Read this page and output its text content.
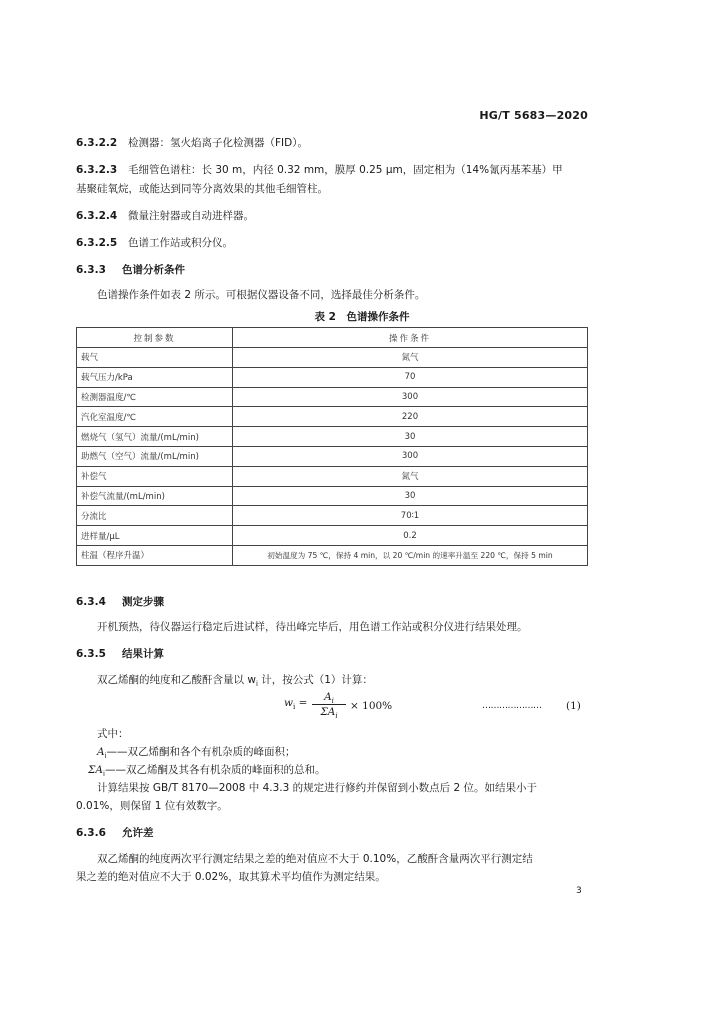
HG/T 5683—2020

6.3.2.2 检测器：氢火焰离子化检测器（FID）。

6.3.2.3 毛细管色谱柱：长 30 m，内径 0.32 mm，膜厚 0.25 μm，固定相为（14%氰丙基苯基）甲

基聚硅氧烷，或能达到同等分离效果的其他毛细管柱。

6.3.2.4 微量注射器或自动进样器。

6.3.2.5 色谱工作站或积分仪。

6.3.3 色谱分析条件

色谱操作条件如表 2 所示。可根据仪器设备不同，选择最佳分析条件。

表 2　色谱操作条件
控制参数	操作条件
载气	氮气
载气压力/kPa	70
检测器温度/℃	300
汽化室温度/℃	220
燃烧气（氢气）流量/(mL/min)	30
助燃气（空气）流量/(mL/min)	300
补偿气	氮气
补偿气流量/(mL/min)	30
分流比	70∶1
进样量/μL	0.2
柱温（程序升温）	初始温度为 75 ℃，保持 4 min，以 20 ℃/min 的速率升温至 220 ℃，保持 5 min

6.3.4 测定步骤

开机预热，待仪器运行稳定后进试样，待出峰完毕后，用色谱工作站或积分仪进行结果处理。

6.3.5 结果计算

双乙烯酮的纯度和乙酸酐含量以 $w_i$ 计，按公式（1）计算：

$w_i$ =	$A_i$
$\Sigma A_i$
× 100%	………………… (1)

式中：

$A_i——$双乙烯酮和各个有机杂质的峰面积；

$\Sigma A_i——$双乙烯酮及其各有机杂质的峰面积的总和。

计算结果按 GB/T 8170—2008 中 4.3.3 的规定进行修约并保留到小数点后 2 位。如结果小于

0.01%，则保留 1 位有效数字。

6.3.6 允许差

双乙烯酮的纯度两次平行测定结果之差的绝对值应不大于 0.10%，乙酸酐含量两次平行测定结

果之差的绝对值应不大于 0.02%，取其算术平均值作为测定结果。

3
